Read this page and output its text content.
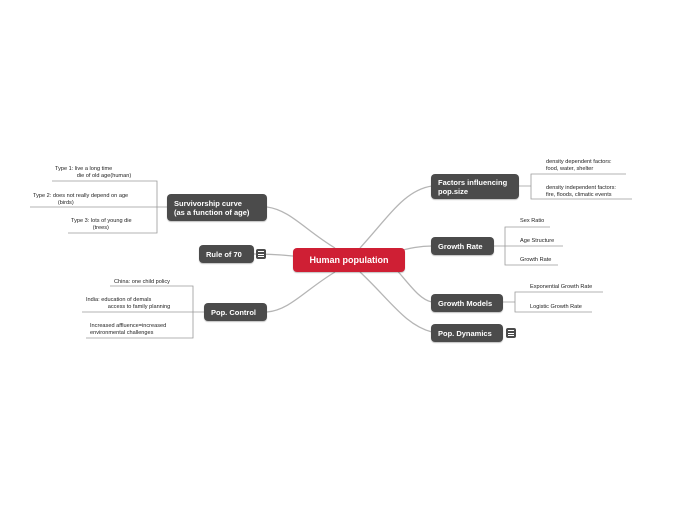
Human population
Factors influencing pop.size
density dependent factors:
food, water, shelter
density independent factors:
fire, floods, climatic events
Growth Rate
Sex Ratio
Age Structure
Growth Rate
Growth Models
Exponential Growth Rate
Logistic Growth Rate
Pop. Dynamics
Survivorship curve
(as a function of age)
Type 1: live a long time
die of old age(human)
Type 2: does not really depend on age
(birds)
Type 3: lots of young die
(trees)
Rule of 70
Pop. Control
China: one child policy
India: education of demals
access to family planning
Increased affluence=increased
environmental challenges
